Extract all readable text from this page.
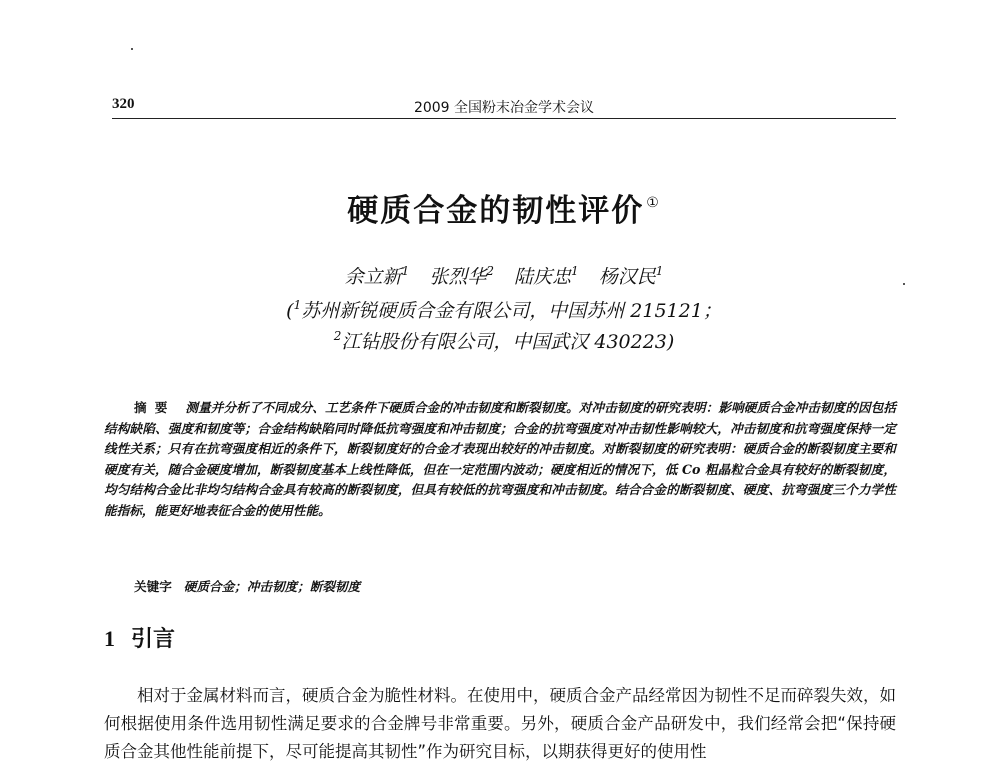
320	2009 全国粉末冶金学术会议
硬质合金的韧性评价 ①
余立新$^1$ 张烈华$^2$ 陆庆忠$^1$ 杨汉民$^1$
($^1$苏州新锐硬质合金有限公司，中国苏州 215121；
$^2$江钻股份有限公司，中国武汉 430223)
摘要 测量并分析了不同成分、工艺条件下硬质合金的冲击韧度和断裂韧度。对冲击韧度的研究表明：影响硬质合金冲击韧度的因包括结构缺陷、强度和韧度等；合金结构缺陷同时降低抗弯强度和冲击韧度；合金的抗弯强度对冲击韧性影响较大，冲击韧度和抗弯强度保持一定线性关系；只有在抗弯强度相近的条件下，断裂韧度好的合金才表现出较好的冲击韧度。对断裂韧度的研究表明：硬质合金的断裂韧度主要和硬度有关，随合金硬度增加，断裂韧度基本上线性降低，但在一定范围内波动；硬度相近的情况下，低 Co 粗晶粒合金具有较好的断裂韧度，均匀结构合金比非均匀结构合金具有较高的断裂韧度，但具有较低的抗弯强度和冲击韧度。结合合金的断裂韧度、硬度、抗弯强度三个力学性能指标，能更好地表征合金的使用性能。
关键字 硬质合金；冲击韧度；断裂韧度
1 引言
相对于金属材料而言，硬质合金为脆性材料。在使用中，硬质合金产品经常因为韧性不足而碎裂失效，如何根据使用条件选用韧性满足要求的合金牌号非常重要。另外，硬质合金产品研发中，我们经常会把“保持硬质合金其他性能前提下，尽可能提高其韧性”作为研究目标，以期获得更好的使用性
